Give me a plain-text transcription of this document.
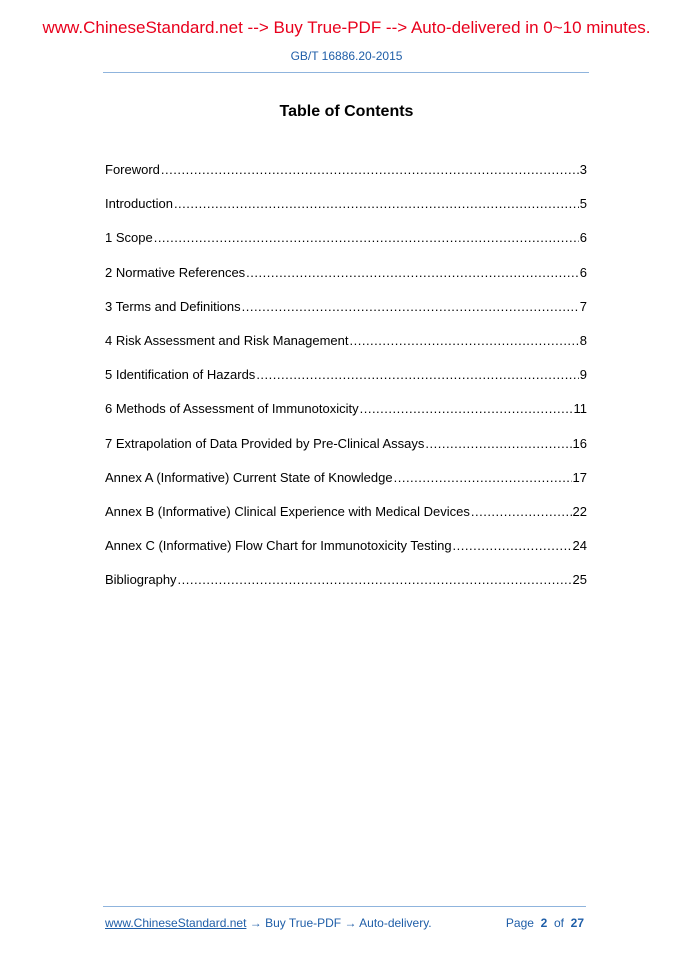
www.ChineseStandard.net --> Buy True-PDF --> Auto-delivered in 0~10 minutes.
GB/T 16886.20-2015
Table of Contents
Foreword .....	3
Introduction .....	5
1 Scope .....	6
2 Normative References .....	6
3 Terms and Definitions .....	7
4 Risk Assessment and Risk Management .....	8
5 Identification of Hazards .....	9
6 Methods of Assessment of Immunotoxicity .....	11
7 Extrapolation of Data Provided by Pre-Clinical Assays .....	16
Annex A (Informative) Current State of Knowledge .....	17
Annex B (Informative) Clinical Experience with Medical Devices .....	22
Annex C (Informative) Flow Chart for Immunotoxicity Testing .....	24
Bibliography .....	25
www.ChineseStandard.net → Buy True-PDF → Auto-delivery.	Page 2 of 27
